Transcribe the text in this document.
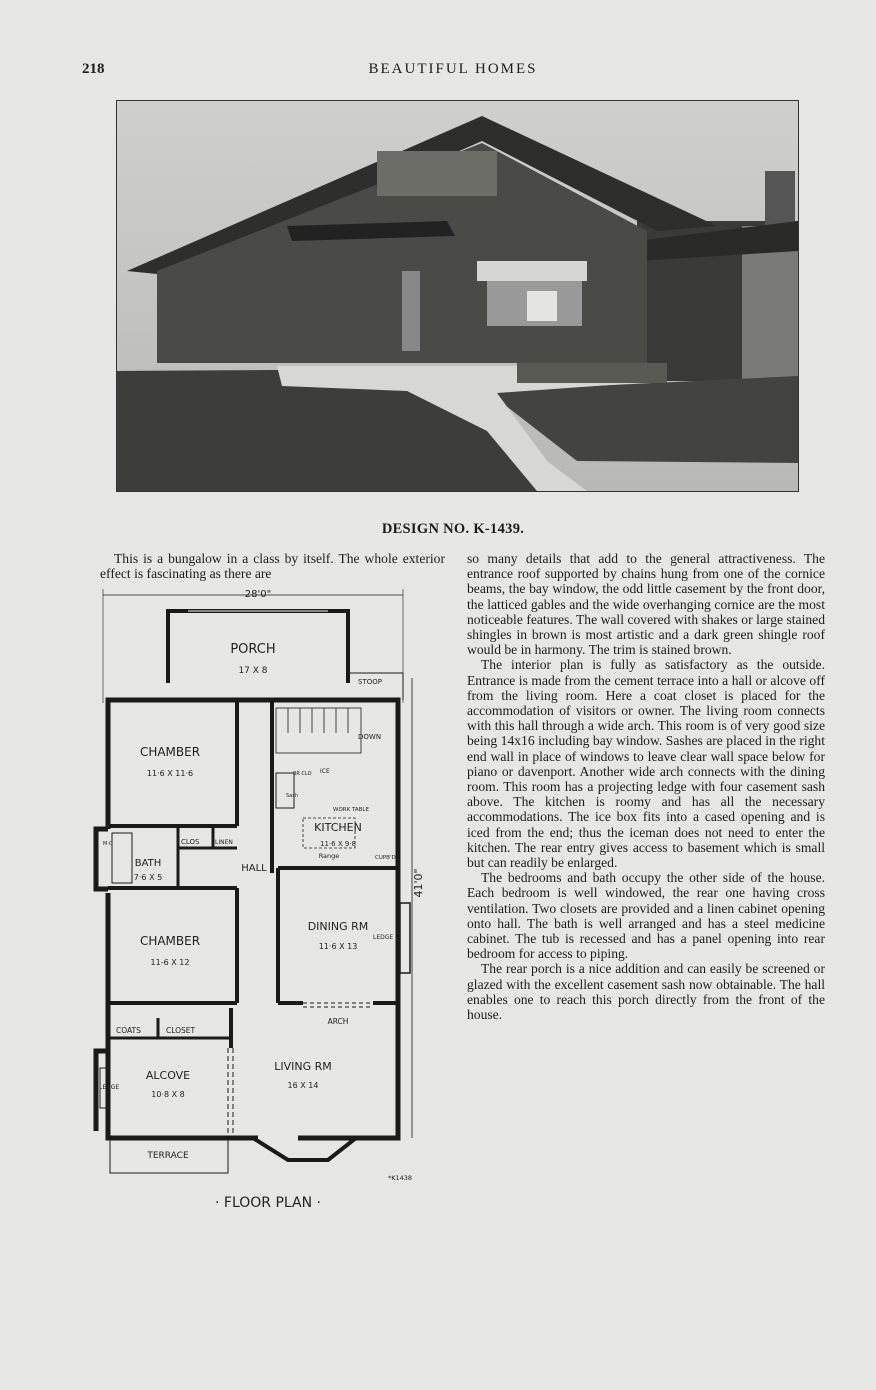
218	BEAUTIFUL HOMES
DESIGN NO. K-1439.

This is a bungalow in a class by itself. The whole exterior effect is fascinating as there are

28'0"
41'0"
PORCH
17 X 8
STOOP
CHAMBER
11·6 X 11·6
DOWN
BR CLO ICE
Sash
WORK TABLE
KITCHEN
11·6 X 9·8
Range	CUPB'D
M·C	CLOS	LINEN
BATH
7·6 X 5
HALL
DINING RM
11·6 X 13
LEDGE
CHAMBER
11-6 X 12
COATS	CLOSET
ARCH
ALCOVE
10·8 X 8
LEDGE
LIVING RM
16 X 14
TERRACE
*K1438
· FLOOR PLAN ·

so many details that add to the general attractiveness. The entrance roof supported by chains hung from one of the cornice beams, the bay window, the odd little casement by the front door, the latticed gables and the wide overhanging cornice are the most noticeable features. The wall covered with shakes or large stained shingles in brown is most artistic and a dark green shingle roof would be in harmony. The trim is stained brown.

The interior plan is fully as satisfactory as the outside. Entrance is made from the cement terrace into a hall or alcove off from the living room. Here a coat closet is placed for the accommodation of visitors or owner. The living room connects with this hall through a wide arch. This room is of very good size being 14x16 including bay window. Sashes are placed in the right end wall in place of windows to leave clear wall space below for piano or davenport. Another wide arch connects with the dining room. This room has a projecting ledge with four casement sash above. The kitchen is roomy and has all the necessary accommodations. The ice box fits into a cased opening and is iced from the end; thus the iceman does not need to enter the kitchen. The rear entry gives access to basement which is small but can readily be enlarged.

The bedrooms and bath occupy the other side of the house. Each bedroom is well windowed, the rear one having cross ventilation. Two closets are provided and a linen cabinet opening onto hall. The bath is well arranged and has a steel medicine cabinet. The tub is recessed and has a panel opening into rear bedroom for access to piping.

The rear porch is a nice addition and can easily be screened or glazed with the excellent casement sash now obtainable. The hall enables one to reach this porch directly from the front of the house.
